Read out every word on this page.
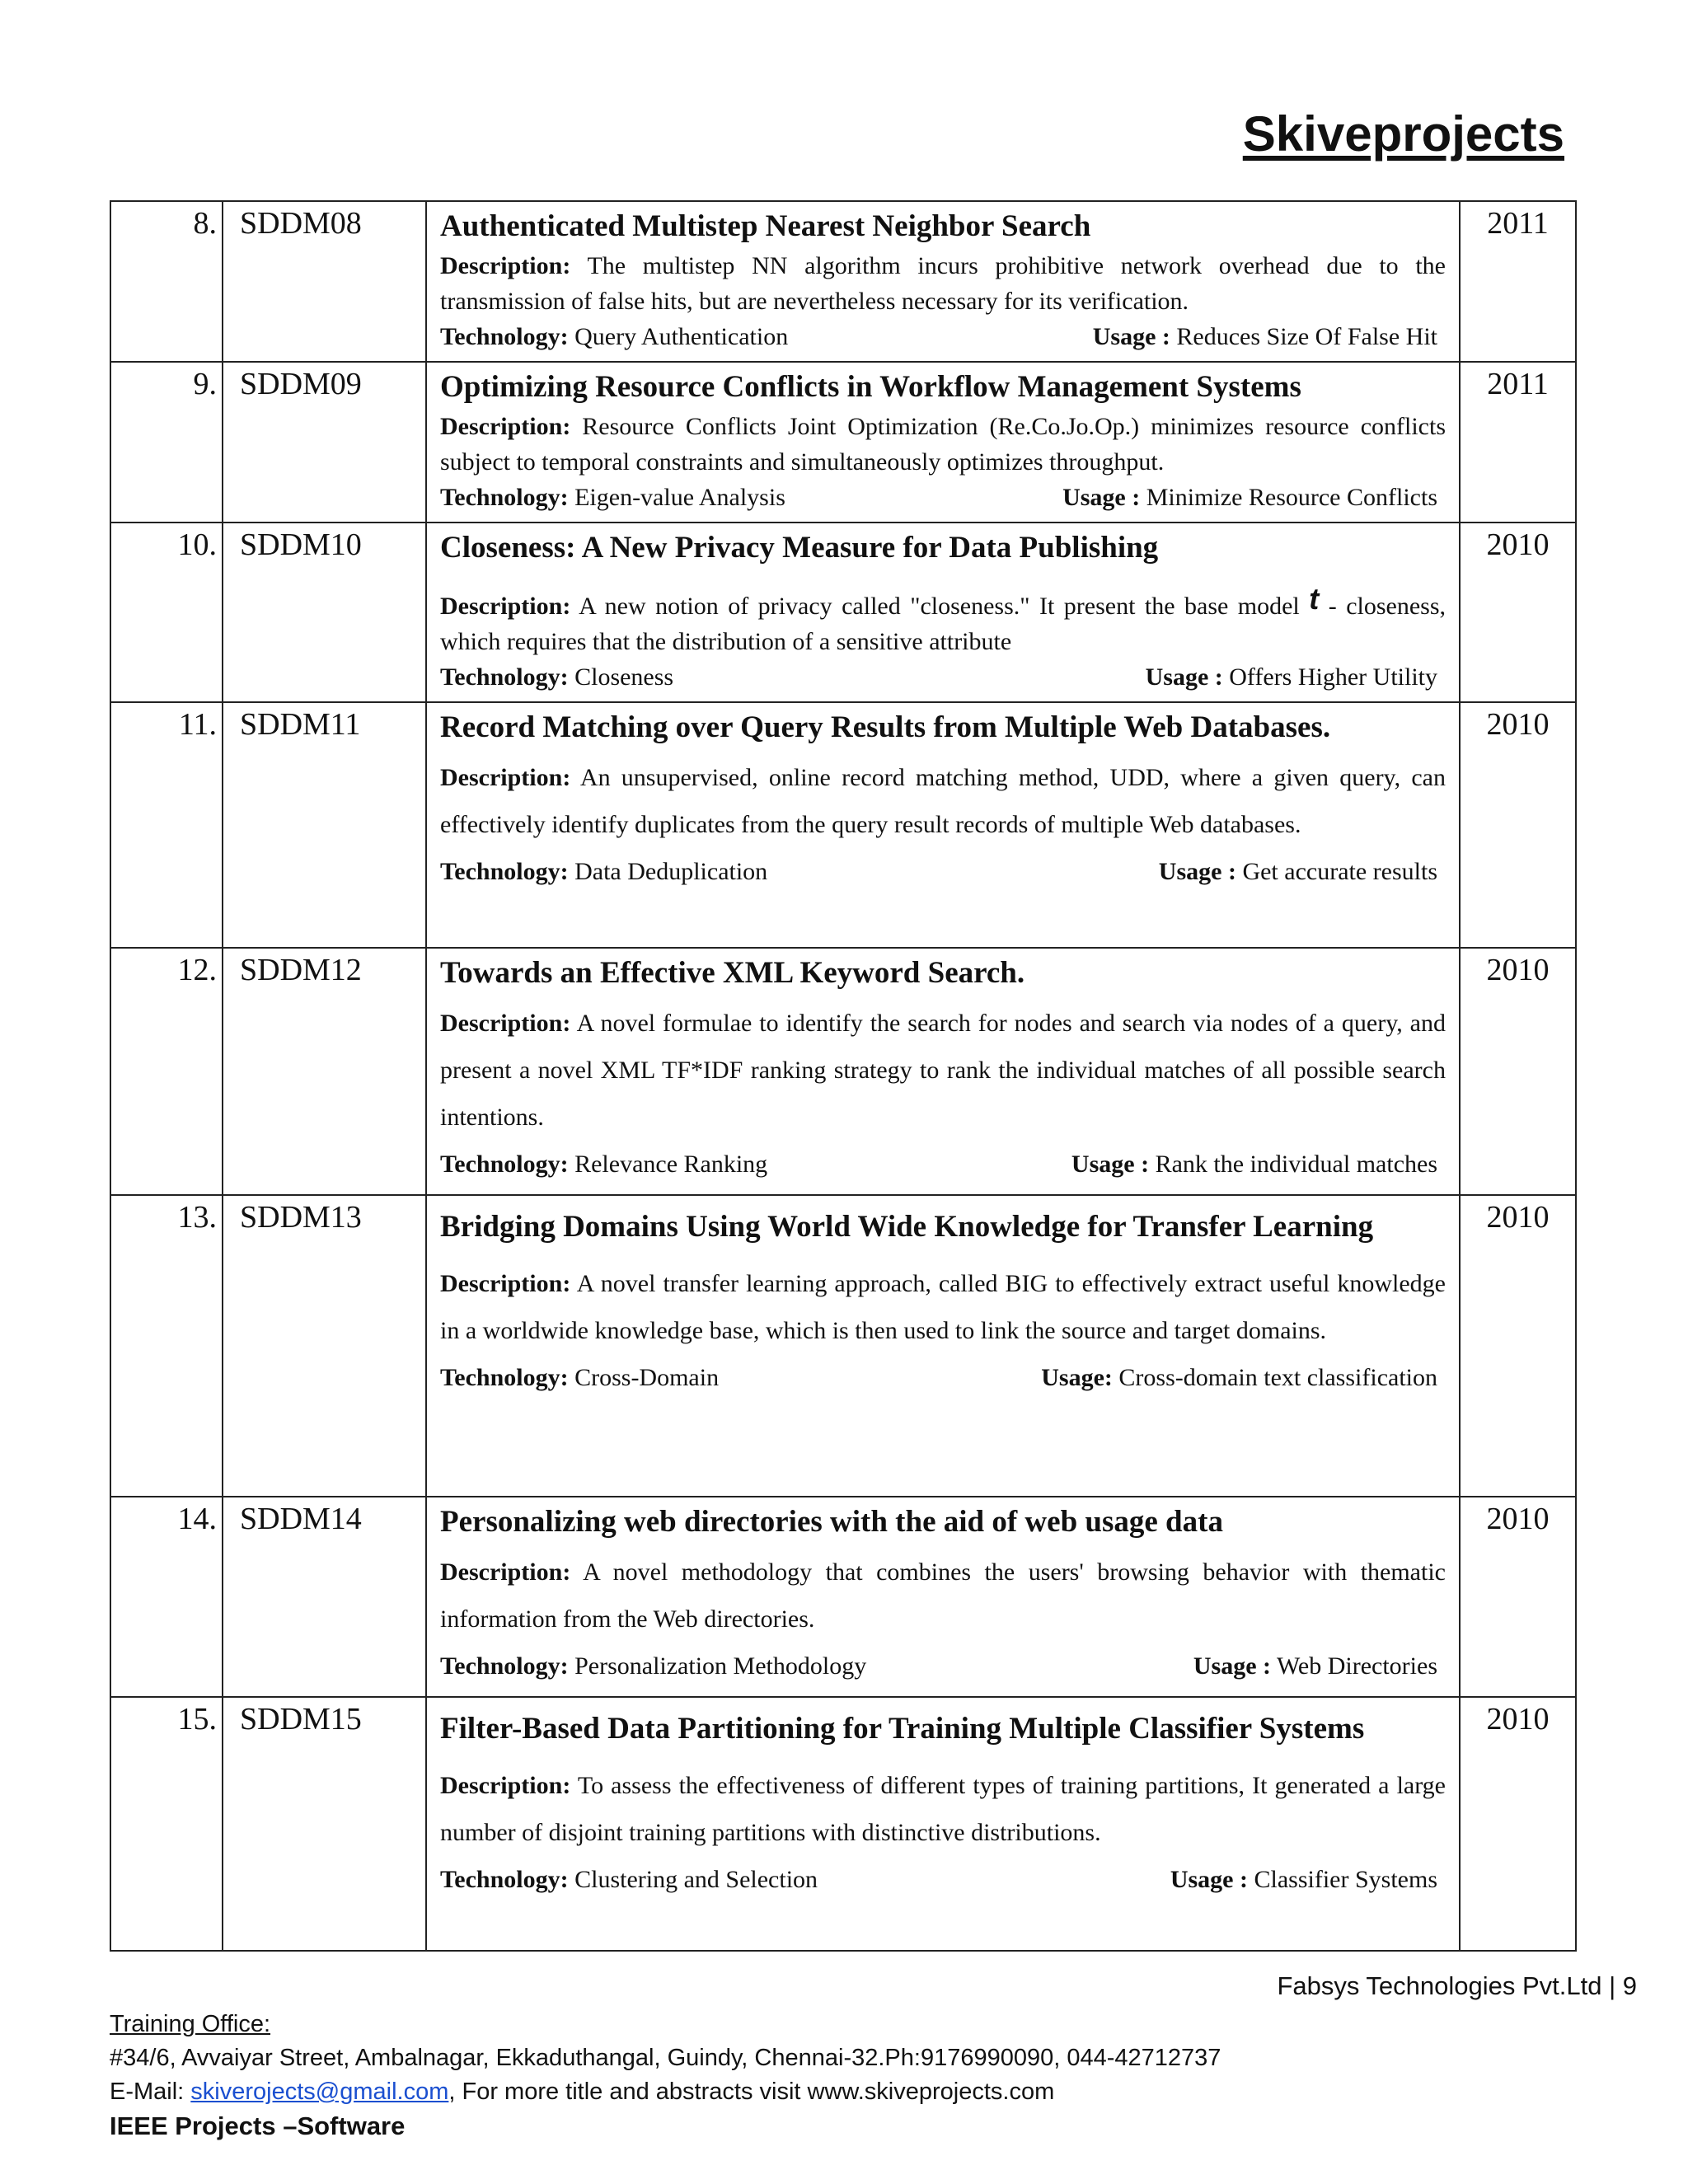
Skiveprojects
8.	SDDM08	Authenticated Multistep Nearest Neighbor Search
Description: The multistep NN algorithm incurs prohibitive network overhead due to the transmission of false hits, but are nevertheless necessary for its verification.
Technology: Query Authentication Usage : Reduces Size Of False Hit	2011
9.	SDDM09	Optimizing Resource Conflicts in Workflow Management Systems
Description: Resource Conflicts Joint Optimization (Re.Co.Jo.Op.) minimizes resource conflicts subject to temporal constraints and simultaneously optimizes throughput.
Technology: Eigen-value Analysis Usage : Minimize Resource Conflicts	2011
10.	SDDM10	Closeness: A New Privacy Measure for Data Publishing
Description: A new notion of privacy called "closeness." It present the base model t - closeness, which requires that the distribution of a sensitive attribute
Technology: Closeness Usage : Offers Higher Utility	2010
11.	SDDM11	Record Matching over Query Results from Multiple Web Databases.
Description: An unsupervised, online record matching method, UDD, where a given query, can effectively identify duplicates from the query result records of multiple Web databases.
Technology: Data Deduplication Usage : Get accurate results	2010
12.	SDDM12	Towards an Effective XML Keyword Search.
Description: A novel formulae to identify the search for nodes and search via nodes of a query, and present a novel XML TF*IDF ranking strategy to rank the individual matches of all possible search intentions.
Technology: Relevance Ranking Usage : Rank the individual matches	2010
13.	SDDM13	Bridging Domains Using World Wide Knowledge for Transfer Learning
Description: A novel transfer learning approach, called BIG to effectively extract useful knowledge in a worldwide knowledge base, which is then used to link the source and target domains.
Technology: Cross-Domain Usage: Cross-domain text classification	2010
14.	SDDM14	Personalizing web directories with the aid of web usage data
Description: A novel methodology that combines the users' browsing behavior with thematic information from the Web directories.
Technology: Personalization Methodology Usage : Web Directories	2010
15.	SDDM15	Filter-Based Data Partitioning for Training Multiple Classifier Systems
Description: To assess the effectiveness of different types of training partitions, It generated a large number of disjoint training partitions with distinctive distributions.
Technology: Clustering and Selection Usage : Classifier Systems	2010
Fabsys Technologies Pvt.Ltd | 9
Training Office:
#34/6, Avvaiyar Street, Ambalnagar, Ekkaduthangal, Guindy, Chennai-32.Ph:9176990090, 044-42712737
E-Mail: skiverojects@gmail.com, For more title and abstracts visit www.skiveprojects.com
IEEE Projects –Software
